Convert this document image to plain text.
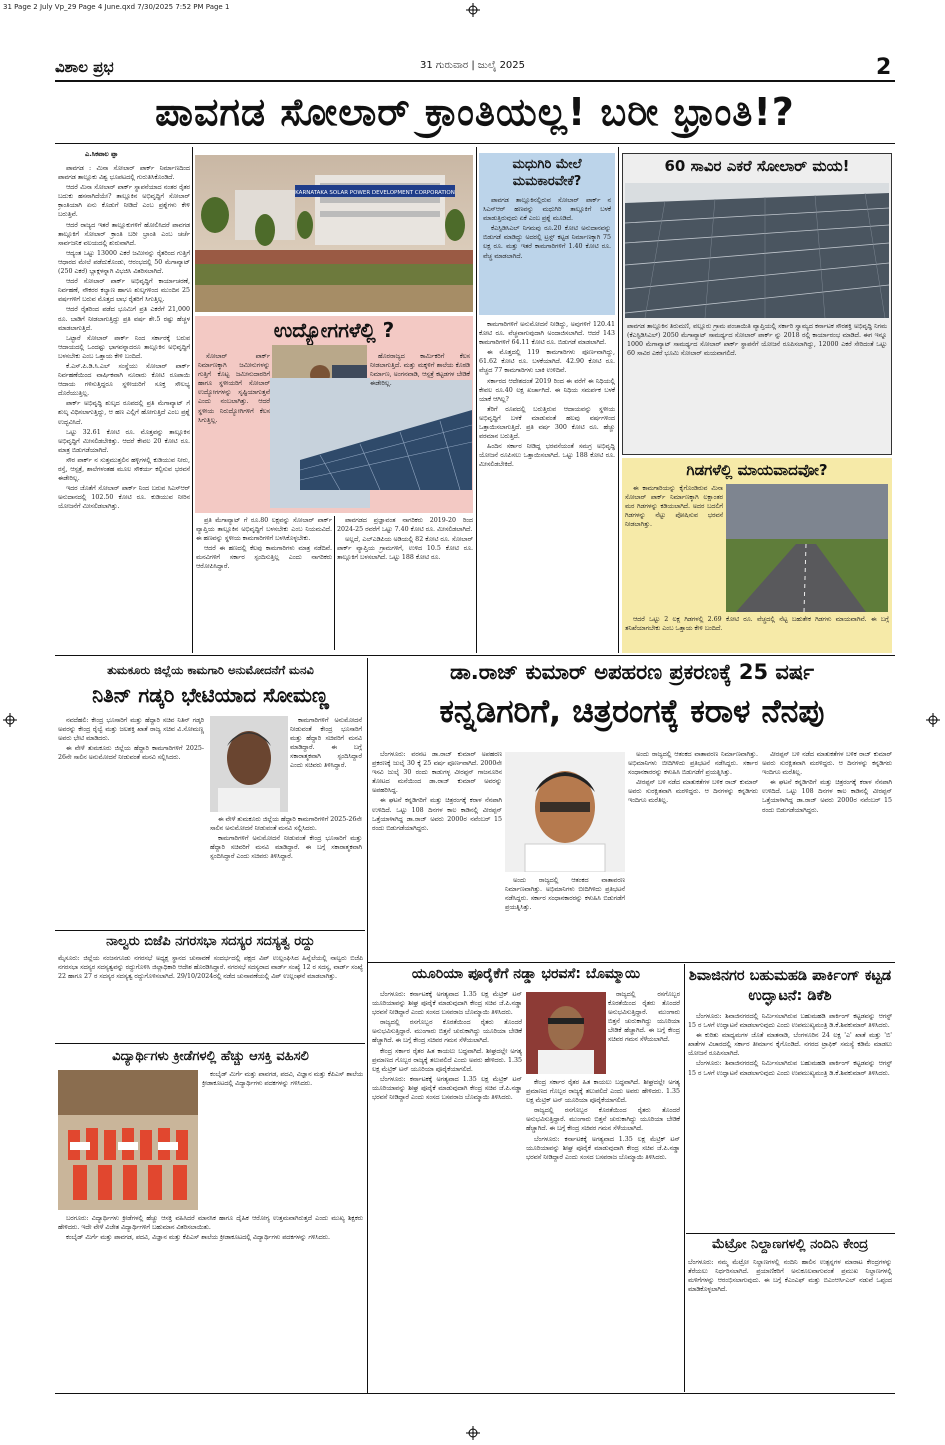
31 Page 2 July Vp_29 Page 4 June.qxd 7/30/2025 7:52 PM Page 1
ವಿಶಾಲ ಪ್ರಭ	31 ಗುರುವಾರ | ಜುಲೈ 2025	2
ಪಾವಗಡ ಸೋಲಾರ್ ಕ್ರಾಂತಿಯಲ್ಲ! ಬರೀ ಭ್ರಾಂತಿ!?
ಎ.ಸಿಕವಾಲ ಪ್ಪಾ

ಪಾವಗಡ : ಮಿನಾ ಸೋಲಾರ್ ಪಾರ್ಕ್ ನಿರ್ಮಾಣದಿಂದ ಪಾವಗಡ ತಾಲ್ಲೂಕು ವಿಶ್ವ ಭೂಪಟದಲ್ಲಿ ಗುರುತಿಸಿಕೊಂಡಿದೆ.

ಆದರೆ ಮಿನಾ ಸೋಲಾರ್ ಪಾರ್ಕ್ ಸ್ಥಾಪನೆಯಾದ ನಂತರ ರೈತರ ಬದುಕು ಹಸನಾಗಿದೆಯೇ? ತಾಲ್ಲೂಕಿನ ಅಭಿವೃದ್ಧಿಗೆ ಸೋಲಾರ್ ಕ್ರಾಂತಿಯಾಗಿ ಏನು ಕೊಡುಗೆ ನೀಡಿದೆ ಎಂಬ ಪ್ರಶ್ನೆಗಳು ಕೇಳಿ ಬರುತ್ತಿವೆ.

ಆದರೆ ರಾಜ್ಯದ ಇತರೆ ತಾಲ್ಲೂಕುಗಳಿಗೆ ಹೋಲಿಸಿದರೆ ಪಾವಗಡ ತಾಲ್ಲೂಕಿಗೆ ಸೋಲಾರ್ ಕ್ರಾಂತಿ ಬರೀ ಭ್ರಾಂತಿ ಎಂಬ ಚರ್ಚೆ ಸಾರ್ವಜನಿಕ ವಲಯದಲ್ಲಿ ಶುರುವಾಗಿದೆ.

ಆದ್ಯಂತ ಒಟ್ಟು 13000 ಎಕರೆ ಜಮೀನನ್ನು ರೈತರಿಂದ ಗುತ್ತಿಗೆ ಆಧಾರದ ಮೇಲೆ ಪಡೆದುಕೊಂಡು, ಆರಂಭದಲ್ಲಿ 50 ಮೆಗಾವ್ಯಾಟ್ (250 ಎಕರೆ) ಬ್ಲಾಕ್ಗಳನ್ನಾಗಿ ವಿಭಜಿಸಿ ವಿತರಿಸಲಾಗಿದೆ.

ಆದರೆ ಸೋಲಾರ್ ಪಾರ್ಕ್ ಅಭಿವೃದ್ಧಿಗೆ ಕಾರ್ಯಾಚರಣೆ, ನಿರ್ವಹಣೆ, ನೌಕರರ ಕಲ್ಯಾಣ ಹಾಗೂ ಶುಲ್ಕಗಳಿಂದ ಮುಂದಿನ 25 ವರ್ಷಗಳಿಗೆ ಬರುವ ಮೊತ್ತದ ಲಾಭ ರೈತರಿಗೆ ಸಿಗುತ್ತಿಲ್ಲ.

ಆದರೆ ರೈತರಿಂದ ಪಡೆದ ಭೂಮಿಗೆ ಪ್ರತಿ ಎಕರೆಗೆ 21,000 ರೂ. ಬಾಡಿಗೆ ನೀಡಲಾಗುತ್ತಿದ್ದು ಪ್ರತಿ ವರ್ಷ ಶೇ.5 ರಷ್ಟು ಹೆಚ್ಚಳ ಮಾಡಲಾಗುತ್ತಿದೆ.

ಒಟ್ಟಾರೆ ಸೋಲಾರ್ ಪಾರ್ಕ್ ನಿಂದ ಸರ್ಕಾರಕ್ಕೆ ಬರುವ ಆದಾಯದಲ್ಲಿ ಒಂದಷ್ಟು ಭಾಗವನ್ನಾದರೂ ತಾಲ್ಲೂಕಿನ ಅಭಿವೃದ್ಧಿಗೆ ಬಳಸಬೇಕು ಎಂಬ ಒತ್ತಾಯ ಕೇಳಿ ಬಂದಿದೆ.

ಕೆ.ಎಸ್.ಪಿ.ಡಿ.ಸಿ.ಎಲ್ ಸಂಸ್ಥೆಯು ಸೋಲಾರ್ ಪಾರ್ಕ್ ನಿರ್ವಹಣೆಯಿಂದ ವಾರ್ಷಿಕವಾಗಿ ನೂರಾರು ಕೋಟಿ ರೂಪಾಯಿ ಆದಾಯ ಗಳಿಸುತ್ತಿದ್ದರೂ ಸ್ಥಳೀಯರಿಗೆ ಸೂಕ್ತ ಸೌಲಭ್ಯ ದೊರೆಯುತ್ತಿಲ್ಲ.

ಪಾರ್ಕ್ ಅಭಿವೃದ್ಧಿ ಶುಲ್ಕದ ರೂಪದಲ್ಲಿ ಪ್ರತಿ ಮೆಗಾವ್ಯಾಟ್ ಗೆ ಶುಲ್ಕ ವಿಧಿಸಲಾಗುತ್ತಿದ್ದು, ಆ ಹಣ ಎಲ್ಲಿಗೆ ಹೋಗುತ್ತಿದೆ ಎಂಬ ಪ್ರಶ್ನೆ ಉದ್ಭವಿಸಿದೆ.

ಒಟ್ಟು 32.61 ಕೋಟಿ ರೂ. ಮೊತ್ತವನ್ನು ತಾಲ್ಲೂಕಿನ ಅಭಿವೃದ್ಧಿಗೆ ಮೀಸಲಿಡಬೇಕಿತ್ತು. ಆದರೆ ಕೇವಲ 20 ಕೋಟಿ ರೂ. ಮಾತ್ರ ಬಿಡುಗಡೆಯಾಗಿದೆ.

ಸೌರ ಪಾರ್ಕ್ ನ ಸುತ್ತಮುತ್ತಲಿನ ಹಳ್ಳಿಗಳಲ್ಲಿ ಕುಡಿಯುವ ನೀರು, ರಸ್ತೆ, ಆಸ್ಪತ್ರೆ, ಶಾಲೆಗಳಂತಹ ಮೂಲ ಸೌಕರ್ಯ ಕಲ್ಪಿಸುವ ಭರವಸೆ ಈಡೇರಿಲ್ಲ.

ಇದರ ಜೊತೆಗೆ ಸೋಲಾರ್ ಪಾರ್ಕ್ ನಿಂದ ಬರುವ ಸಿಎಸ್ಆರ್ ಅನುದಾನದಲ್ಲಿ 102.50 ಕೋಟಿ ರೂ. ಕುಡಿಯುವ ನೀರಿನ ಯೋಜನೆಗೆ ಮೀಸಲಿಡಲಾಗಿತ್ತು.

KARNATAKA SOLAR POWER DEVELOPMENT CORPORATION
ಉದ್ಯೋಗಗಳೆಲ್ಲಿ ?

ಸೋಲಾರ್ ಪಾರ್ಕ್ ನಿರ್ಮಾಣಕ್ಕಾಗಿ ಜಮೀನುಗಳನ್ನು ಗುತ್ತಿಗೆ ಕೊಟ್ಟ ಜಮೀನುದಾರರಿಗೆ ಹಾಗೂ ಸ್ಥಳೀಯರಿಗೆ ಸೋಲಾರ್ ಉದ್ಯೋಗಗಳನ್ನು ಸೃಷ್ಟಿಯಾಗುತ್ತವೆ ಎಂದು ನಂಬಲಾಗಿತ್ತು. ಆದರೆ ಸ್ಥಳೀಯ ನಿರುದ್ಯೋಗಿಗಳಿಗೆ ಕೆಲಸ ಸಿಗುತ್ತಿಲ್ಲ.

ಹೊರರಾಜ್ಯದ ಕಾರ್ಮಿಕರಿಗೆ ಕೆಲಸ ನೀಡಲಾಗುತ್ತಿದೆ. ಮತ್ತು ಮಕ್ಕಳಿಗೆ ಶಾಲೆಯ ಕೊಠಡಿ ನಿರ್ಮಾಣ, ಅಂಗನವಾಡಿ, ಆಸ್ಪತ್ರೆ ಕಟ್ಟಡಗಳ ಬೇಡಿಕೆ ಈಡೇರಿಲ್ಲ.

ಪ್ರತಿ ಮೆಗಾವ್ಯಾಟ್ ಗೆ ರೂ.80 ಲಕ್ಷವನ್ನು ಸೋಲಾರ್ ಪಾರ್ಕ್ ವ್ಯಾಪ್ತಿಯ ತಾಲ್ಲೂಕಿನ ಅಭಿವೃದ್ಧಿಗೆ ಬಳಸಬೇಕು ಎಂಬ ನಿಯಮವಿದೆ. ಈ ಹಣವನ್ನು ಸ್ಥಳೀಯ ಕಾಮಗಾರಿಗಳಿಗೆ ಬಳಸಿಕೊಳ್ಳಬೇಕು.

ಆದರೆ ಈ ಹಣದಲ್ಲಿ ಕೆಲವು ಕಾಮಗಾರಿಗಳು ಮಾತ್ರ ನಡೆದಿವೆ. ಮನವಿಗಳಿಗೆ ಸರ್ಕಾರ ಸ್ಪಂದಿಸುತ್ತಿಲ್ಲ ಎಂದು ನಾಗರಿಕರು ಆರೋಪಿಸಿದ್ದಾರೆ.

ಪಾವಗಡದ ಪ್ರಜ್ಞಾವಂತ ನಾಗರಿಕರು 2019-20 ರಿಂದ 2024-25 ರವರೆಗೆ ಒಟ್ಟು 7.40 ಕೋಟಿ ರೂ. ಮೀಸಲಿಡಲಾಗಿದೆ.

ಅಲ್ಲದೆ, ಎಲ್ಎಡಿಪಿಯ ಅಡಿಯಲ್ಲಿ 82 ಕೋಟಿ ರೂ. ಸೋಲಾರ್ ಪಾರ್ಕ್ ವ್ಯಾಪ್ತಿಯ ಗ್ರಾಮಗಳಿಗೆ, ಉಳಿದ 10.5 ಕೋಟಿ ರೂ. ತಾಲ್ಲೂಕಿಗೆ ಬಳಸಲಾಗಿದೆ. ಒಟ್ಟು 188 ಕೋಟಿ ರೂ.

ಮಧುಗಿರಿ ಮೇಲೆ ಮಮಕಾರವೇಕೆ?

ಪಾವಗಡ ತಾಲ್ಲೂಕಿನಲ್ಲಿರುವ ಸೋಲಾರ್ ಪಾರ್ಕ್ ನ ಸಿಎಸ್ಆರ್ ಹಣವನ್ನು ಮಧುಗಿರಿ ತಾಲ್ಲೂಕಿಗೆ ಬಳಕೆ ಮಾಡುತ್ತಿರುವುದು ಏಕೆ ಎಂಬ ಪ್ರಶ್ನೆ ಮೂಡಿದೆ.

ಕೆಎಸ್ಪಿಡಿಸಿಎಲ್ ನಿಗಮವು ರೂ.20 ಕೋಟಿ ಅನುದಾನವನ್ನು ಬಿಡುಗಡೆ ಮಾಡಿದ್ದು ಅದರಲ್ಲಿ ಟ್ರಸ್ಟ್ ಕಟ್ಟಡ ನಿರ್ಮಾಣಕ್ಕಾಗಿ 75 ಲಕ್ಷ ರೂ. ಮತ್ತು ಇತರೆ ಕಾಮಗಾರಿಗಳಿಗೆ 1.40 ಕೋಟಿ ರೂ. ವೆಚ್ಚ ಮಾಡಲಾಗಿದೆ.

ಕಾಮಗಾರಿಗಳಿಗೆ ಅನುಮೋದನೆ ನೀಡಿದ್ದು, ಅವುಗಳಿಗೆ 120.41 ಕೋಟಿ ರೂ. ವೆಚ್ಚವಾಗುವುದಾಗಿ ಅಂದಾಜಿಸಲಾಗಿದೆ. ಆದರೆ 143 ಕಾಮಗಾರಿಗಳಿಗೆ 64.11 ಕೋಟಿ ರೂ. ಬಿಡುಗಡೆ ಮಾಡಲಾಗಿದೆ.

ಈ ಮೊತ್ತದಲ್ಲಿ 119 ಕಾಮಗಾರಿಗಳು ಪೂರ್ಣವಾಗಿದ್ದು, 61.62 ಕೋಟಿ ರೂ. ಬಳಕೆಯಾಗಿದೆ. 42.90 ಕೋಟಿ ರೂ. ವೆಚ್ಚದ 77 ಕಾಮಗಾರಿಗಳು ಬಾಕಿ ಉಳಿದಿವೆ.

ಸರ್ಕಾರದ ಆದೇಶದಂತೆ 2019 ರಿಂದ ಈ ವರೆಗೆ ಈ ನಿಧಿಯಲ್ಲಿ ಕೇವಲ ರೂ.40 ಲಕ್ಷ ಖರ್ಚಾಗಿದೆ. ಈ ನಿಧಿಯ ಸಮರ್ಪಕ ಬಳಕೆ ಯಾಕೆ ಆಗಿಲ್ಲ?

ತೆರಿಗೆ ರೂಪದಲ್ಲಿ ಬರುತ್ತಿರುವ ಆದಾಯವನ್ನು ಸ್ಥಳೀಯ ಅಭಿವೃದ್ಧಿಗೆ ಬಳಕೆ ಮಾಡುವಂತೆ ಹಲವು ವರ್ಷಗಳಿಂದ ಒತ್ತಾಯಿಸಲಾಗುತ್ತಿದೆ. ಪ್ರತಿ ವರ್ಷ 300 ಕೋಟಿ ರೂ. ಹೆಚ್ಚು ವರಮಾನ ಬರುತ್ತಿದೆ.

ಹಿಂದಿನ ಸರ್ಕಾರ ನೀಡಿದ್ದ ಭರವಸೆಯಂತೆ ಸಮಗ್ರ ಅಭಿವೃದ್ಧಿ ಯೋಜನೆ ರೂಪಿಸಲು ಒತ್ತಾಯಿಸಲಾಗಿದೆ. ಒಟ್ಟು 188 ಕೋಟಿ ರೂ. ಮೀಸಲಿಡಬೇಕಿದೆ.

60 ಸಾವಿರ ಎಕರೆ ಸೋಲಾರ್ ಮಯ!
ಪಾವಗಡ ತಾಲ್ಲೂಕಿನ ತಿರುಮಣಿ, ವಲ್ಲೂರು ಗ್ರಾಮ ಪಂಚಾಯಿತಿ ವ್ಯಾಪ್ತಿಯಲ್ಲಿ ಸರ್ಕಾರಿ ಸ್ವಾಮ್ಯದ ಕರ್ನಾಟಕ ಸೌರಶಕ್ತಿ ಅಭಿವೃದ್ಧಿ ನಿಗಮ (ಕೆಎಸ್ಪಿಡಿಸಿಎಲ್) 2050 ಮೆಗಾವ್ಯಾಟ್ ಸಾಮರ್ಥ್ಯದ ಸೋಲಾರ್ ಪಾರ್ಕ್ ನ್ನು 2018 ರಲ್ಲಿ ಕಾರ್ಯಾರಂಭ ಮಾಡಿದೆ. ಈಗ ಇನ್ನೂ 1000 ಮೆಗಾವ್ಯಾಟ್ ಸಾಮರ್ಥ್ಯದ ಸೋಲಾರ್ ಪಾರ್ಕ್ ಸ್ಥಾಪನೆಗೆ ಯೋಜನೆ ರೂಪಿಸಲಾಗಿದ್ದು, 12000 ಎಕರೆ ಸೇರಿದಂತೆ ಒಟ್ಟು 60 ಸಾವಿರ ಎಕರೆ ಭೂಮಿ ಸೋಲಾರ್ ಮಯವಾಗಲಿದೆ.
ಗಿಡಗಳೆಲ್ಲಿ ಮಾಯವಾದವೋ?

ಈ ಕಾಮಗಾರಿಯನ್ನು ಕೈಗೊಂಡಿರುವ ಮಿನಾ ಸೋಲಾರ್ ಪಾರ್ಕ್ ನಿರ್ಮಾಣಕ್ಕಾಗಿ ಲಕ್ಷಾಂತರ ಮರ ಗಿಡಗಳನ್ನು ಕಡಿಯಲಾಗಿದೆ. ಅದರ ಬದಲಿಗೆ ಗಿಡಗಳನ್ನು ನೆಟ್ಟು ಪೋಷಿಸುವ ಭರವಸೆ ನೀಡಲಾಗಿತ್ತು.

ಆದರೆ ಒಟ್ಟು 2 ಲಕ್ಷ ಗಿಡಗಳಲ್ಲಿ 2.69 ಕೋಟಿ ರೂ. ವೆಚ್ಚದಲ್ಲಿ ನೆಟ್ಟ ಬಹುತೇಕ ಗಿಡಗಳು ಮಾಯವಾಗಿವೆ. ಈ ಬಗ್ಗೆ ತನಿಖೆಯಾಗಬೇಕು ಎಂಬ ಒತ್ತಾಯ ಕೇಳಿ ಬಂದಿದೆ.

ತುಮಕೂರು ಜಿಲ್ಲೆಯ ಕಾಮಗಾರಿ ಅನುಮೋದನೆಗೆ ಮನವಿ
ನಿತಿನ್ ಗಡ್ಕರಿ ಭೇಟಿಯಾದ ಸೋಮಣ್ಣ

ನವದೆಹಲಿ: ಕೇಂದ್ರ ಭೂಸಾರಿಗೆ ಮತ್ತು ಹೆದ್ದಾರಿ ಸಚಿವ ನಿತಿನ್ ಗಡ್ಕರಿ ಅವರನ್ನು ಕೇಂದ್ರ ರೈಲ್ವೆ ಮತ್ತು ಜಲಶಕ್ತಿ ಖಾತೆ ರಾಜ್ಯ ಸಚಿವ ವಿ.ಸೋಮಣ್ಣ ಅವರು ಭೇಟಿ ಮಾಡಿದರು.

ಈ ವೇಳೆ ತುಮಕೂರು ಜಿಲ್ಲೆಯ ಹೆದ್ದಾರಿ ಕಾಮಗಾರಿಗಳಿಗೆ 2025-26ನೇ ಸಾಲಿನ ಅನುಮೋದನೆ ನೀಡುವಂತೆ ಮನವಿ ಸಲ್ಲಿಸಿದರು.

ಕಾಮಗಾರಿಗಳಿಗೆ ಅನುಮೋದನೆ ನೀಡುವಂತೆ ಕೇಂದ್ರ ಭೂಸಾರಿಗೆ ಮತ್ತು ಹೆದ್ದಾರಿ ಸಚಿವರಿಗೆ ಮನವಿ ಮಾಡಿದ್ದಾರೆ. ಈ ಬಗ್ಗೆ ಸಕಾರಾತ್ಮಕವಾಗಿ ಸ್ಪಂದಿಸಿದ್ದಾರೆ ಎಂದು ಸಚಿವರು ತಿಳಿಸಿದ್ದಾರೆ.

ಈ ವೇಳೆ ತುಮಕೂರು ಜಿಲ್ಲೆಯ ಹೆದ್ದಾರಿ ಕಾಮಗಾರಿಗಳಿಗೆ 2025-26ನೇ ಸಾಲಿನ ಅನುಮೋದನೆ ನೀಡುವಂತೆ ಮನವಿ ಸಲ್ಲಿಸಿದರು.

ಕಾಮಗಾರಿಗಳಿಗೆ ಅನುಮೋದನೆ ನೀಡುವಂತೆ ಕೇಂದ್ರ ಭೂಸಾರಿಗೆ ಮತ್ತು ಹೆದ್ದಾರಿ ಸಚಿವರಿಗೆ ಮನವಿ ಮಾಡಿದ್ದಾರೆ. ಈ ಬಗ್ಗೆ ಸಕಾರಾತ್ಮಕವಾಗಿ ಸ್ಪಂದಿಸಿದ್ದಾರೆ ಎಂದು ಸಚಿವರು ತಿಳಿಸಿದ್ದಾರೆ.

ನಾಲ್ವರು ಬಿಜೆಪಿ ನಗರಸಭಾ ಸದಸ್ಯರ ಸದಸ್ಯತ್ವ ರದ್ದು
ಮೈಸೂರು: ಜಿಲ್ಲೆಯ ನಂಜನಗೂಡು ನಗರಸಭೆ ಅಧ್ಯಕ್ಷ ಸ್ಥಾನದ ಚುನಾವಣೆ ಸಂದರ್ಭದಲ್ಲಿ ಪಕ್ಷದ ವಿಪ್ ಉಲ್ಲಂಘಿಸಿದ ಹಿನ್ನೆಲೆಯಲ್ಲಿ ನಾಲ್ವರು ಬಿಜೆಪಿ ನಗರಸಭಾ ಸದಸ್ಯರ ಸದಸ್ಯತ್ವವನ್ನು ರದ್ದುಗೊಳಿಸಿ ಜಿಲ್ಲಾಧಿಕಾರಿ ಆದೇಶ ಹೊರಡಿಸಿದ್ದಾರೆ. ನಗರಸಭೆ ಸದಸ್ಯರಾದ ವಾರ್ಡ್ ಸಂಖ್ಯೆ 12 ರ ಸದಸ್ಯ, ವಾರ್ಡ್ ಸಂಖ್ಯೆ 22 ಹಾಗೂ 27 ರ ಸದಸ್ಯರ ಸದಸ್ಯತ್ವ ರದ್ದುಗೊಳಿಸಲಾಗಿದೆ. 29/10/2024ರಲ್ಲಿ ನಡೆದ ಚುನಾವಣೆಯಲ್ಲಿ ವಿಪ್ ಉಲ್ಲಂಘನೆ ಮಾಡಲಾಗಿತ್ತು.
ವಿದ್ಯಾರ್ಥಿಗಳು ಕ್ರೀಡೆಗಳಲ್ಲಿ ಹೆಚ್ಚು ಆಸಕ್ತಿ ವಹಿಸಲಿ

ಕಂಬೈಡ್ ಮಿರ್ಗೆ ಮತ್ತು ಪಾವಗಡ, ಪದವಿ, ವಿಜ್ಞಾನ ಮತ್ತು ಕೆಪಿಎಸ್ ಶಾಲೆಯ ಕ್ರೀಡಾಕೂಟದಲ್ಲಿ ವಿದ್ಯಾರ್ಥಿಗಳು ಪದಕಗಳನ್ನು ಗಳಿಸಿದರು.

ಬರಗೂರು: ವಿದ್ಯಾರ್ಥಿಗಳು ಕ್ರೀಡೆಗಳಲ್ಲಿ ಹೆಚ್ಚು ಆಸಕ್ತಿ ವಹಿಸಿದರೆ ಮಾನಸಿಕ ಹಾಗೂ ದೈಹಿಕ ಆರೋಗ್ಯ ಉತ್ತಮವಾಗಿರುತ್ತದೆ ಎಂದು ಮುಖ್ಯ ಶಿಕ್ಷಕರು ಹೇಳಿದರು. ಇದೇ ವೇಳೆ ವಿಜೇತ ವಿದ್ಯಾರ್ಥಿಗಳಿಗೆ ಬಹುಮಾನ ವಿತರಿಸಲಾಯಿತು.

ಕಂಬೈಡ್ ಮಿರ್ಗೆ ಮತ್ತು ಪಾವಗಡ, ಪದವಿ, ವಿಜ್ಞಾನ ಮತ್ತು ಕೆಪಿಎಸ್ ಶಾಲೆಯ ಕ್ರೀಡಾಕೂಟದಲ್ಲಿ ವಿದ್ಯಾರ್ಥಿಗಳು ಪದಕಗಳನ್ನು ಗಳಿಸಿದರು.

ಡಾ.ರಾಜ್ ಕುಮಾರ್ ಅಪಹರಣ ಪ್ರಕರಣಕ್ಕೆ 25 ವರ್ಷ
ಕನ್ನಡಿಗರಿಗೆ, ಚಿತ್ರರಂಗಕ್ಕೆ ಕರಾಳ ನೆನಪು

ಬೆಂಗಳೂರು: ವರನಟ ಡಾ.ರಾಜ್ ಕುಮಾರ್ ಅಪಹರಣ ಪ್ರಕರಣಕ್ಕೆ ಜುಲೈ 30 ಕ್ಕೆ 25 ವರ್ಷ ಪೂರ್ಣವಾಗಿದೆ. 2000ನೇ ಇಸವಿ ಜುಲೈ 30 ರಂದು ಕಾಡುಗಳ್ಳ ವೀರಪ್ಪನ್ ಗಾಜನೂರಿನ ತೋಟದ ಮನೆಯಿಂದ ಡಾ.ರಾಜ್ ಕುಮಾರ್ ಅವರನ್ನು ಅಪಹರಿಸಿದ್ದ.

ಈ ಘಟನೆ ಕನ್ನಡಿಗರಿಗೆ ಮತ್ತು ಚಿತ್ರರಂಗಕ್ಕೆ ಕರಾಳ ನೆನಪಾಗಿ ಉಳಿದಿದೆ. ಒಟ್ಟು 108 ದಿನಗಳ ಕಾಲ ಕಾಡಿನಲ್ಲಿ ವೀರಪ್ಪನ್ ಒತ್ತೆಯಾಳಾಗಿದ್ದ ಡಾ.ರಾಜ್ ಅವರು 2000ರ ನವೆಂಬರ್ 15 ರಂದು ಬಿಡುಗಡೆಯಾಗಿದ್ದರು.

ಅಂದು ರಾಜ್ಯದಲ್ಲಿ ಆತಂಕದ ವಾತಾವರಣ ನಿರ್ಮಾಣವಾಗಿತ್ತು. ಅಭಿಮಾನಿಗಳು ಬೀದಿಗಿಳಿದು ಪ್ರತಿಭಟನೆ ನಡೆಸಿದ್ದರು. ಸರ್ಕಾರ ಸಂಧಾನಕಾರರನ್ನು ಕಳುಹಿಸಿ ಬಿಡುಗಡೆಗೆ ಪ್ರಯತ್ನಿಸಿತ್ತು.

ಅಂದು ರಾಜ್ಯದಲ್ಲಿ ಆತಂಕದ ವಾತಾವರಣ ನಿರ್ಮಾಣವಾಗಿತ್ತು. ಅಭಿಮಾನಿಗಳು ಬೀದಿಗಿಳಿದು ಪ್ರತಿಭಟನೆ ನಡೆಸಿದ್ದರು. ಸರ್ಕಾರ ಸಂಧಾನಕಾರರನ್ನು ಕಳುಹಿಸಿ ಬಿಡುಗಡೆಗೆ ಪ್ರಯತ್ನಿಸಿತ್ತು.

ವೀರಪ್ಪನ್ ಬಳಿ ನಡೆದ ಮಾತುಕತೆಗಳ ಬಳಿಕ ರಾಜ್ ಕುಮಾರ್ ಅವರು ಸುರಕ್ಷಿತವಾಗಿ ಮರಳಿದ್ದರು. ಆ ದಿನಗಳನ್ನು ಕನ್ನಡಿಗರು ಇಂದಿಗೂ ಮರೆತಿಲ್ಲ.

ವೀರಪ್ಪನ್ ಬಳಿ ನಡೆದ ಮಾತುಕತೆಗಳ ಬಳಿಕ ರಾಜ್ ಕುಮಾರ್ ಅವರು ಸುರಕ್ಷಿತವಾಗಿ ಮರಳಿದ್ದರು. ಆ ದಿನಗಳನ್ನು ಕನ್ನಡಿಗರು ಇಂದಿಗೂ ಮರೆತಿಲ್ಲ.

ಈ ಘಟನೆ ಕನ್ನಡಿಗರಿಗೆ ಮತ್ತು ಚಿತ್ರರಂಗಕ್ಕೆ ಕರಾಳ ನೆನಪಾಗಿ ಉಳಿದಿದೆ. ಒಟ್ಟು 108 ದಿನಗಳ ಕಾಲ ಕಾಡಿನಲ್ಲಿ ವೀರಪ್ಪನ್ ಒತ್ತೆಯಾಳಾಗಿದ್ದ ಡಾ.ರಾಜ್ ಅವರು 2000ರ ನವೆಂಬರ್ 15 ರಂದು ಬಿಡುಗಡೆಯಾಗಿದ್ದರು.

ಯೂರಿಯಾ ಪೂರೈಕೆಗೆ ನಡ್ಡಾ ಭರವಸೆ: ಬೊಮ್ಮಾಯಿ

ಬೆಂಗಳೂರು: ಕರ್ನಾಟಕಕ್ಕೆ ಅಗತ್ಯವಾದ 1.35 ಲಕ್ಷ ಮೆಟ್ರಿಕ್ ಟನ್ ಯೂರಿಯಾವನ್ನು ಶೀಘ್ರ ಪೂರೈಕೆ ಮಾಡುವುದಾಗಿ ಕೇಂದ್ರ ಸಚಿವ ಜೆ.ಪಿ.ನಡ್ಡಾ ಭರವಸೆ ನೀಡಿದ್ದಾರೆ ಎಂದು ಸಂಸದ ಬಸವರಾಜ ಬೊಮ್ಮಾಯಿ ತಿಳಿಸಿದರು.

ರಾಜ್ಯದಲ್ಲಿ ರಸಗೊಬ್ಬರ ಕೊರತೆಯಿಂದ ರೈತರು ತೊಂದರೆ ಅನುಭವಿಸುತ್ತಿದ್ದಾರೆ. ಮುಂಗಾರು ಬಿತ್ತನೆ ಚುರುಕಾಗಿದ್ದು ಯೂರಿಯಾ ಬೇಡಿಕೆ ಹೆಚ್ಚಾಗಿದೆ. ಈ ಬಗ್ಗೆ ಕೇಂದ್ರ ಸಚಿವರ ಗಮನ ಸೆಳೆಯಲಾಗಿದೆ.

ಕೇಂದ್ರ ಸರ್ಕಾರ ರೈತರ ಹಿತ ಕಾಯಲು ಬದ್ಧವಾಗಿದೆ. ಶೀಘ್ರದಲ್ಲೇ ಅಗತ್ಯ ಪ್ರಮಾಣದ ಗೊಬ್ಬರ ರಾಜ್ಯಕ್ಕೆ ತಲುಪಲಿದೆ ಎಂದು ಅವರು ಹೇಳಿದರು. 1.35 ಲಕ್ಷ ಮೆಟ್ರಿಕ್ ಟನ್ ಯೂರಿಯಾ ಪೂರೈಕೆಯಾಗಲಿದೆ.

ಬೆಂಗಳೂರು: ಕರ್ನಾಟಕಕ್ಕೆ ಅಗತ್ಯವಾದ 1.35 ಲಕ್ಷ ಮೆಟ್ರಿಕ್ ಟನ್ ಯೂರಿಯಾವನ್ನು ಶೀಘ್ರ ಪೂರೈಕೆ ಮಾಡುವುದಾಗಿ ಕೇಂದ್ರ ಸಚಿವ ಜೆ.ಪಿ.ನಡ್ಡಾ ಭರವಸೆ ನೀಡಿದ್ದಾರೆ ಎಂದು ಸಂಸದ ಬಸವರಾಜ ಬೊಮ್ಮಾಯಿ ತಿಳಿಸಿದರು.

ರಾಜ್ಯದಲ್ಲಿ ರಸಗೊಬ್ಬರ ಕೊರತೆಯಿಂದ ರೈತರು ತೊಂದರೆ ಅನುಭವಿಸುತ್ತಿದ್ದಾರೆ. ಮುಂಗಾರು ಬಿತ್ತನೆ ಚುರುಕಾಗಿದ್ದು ಯೂರಿಯಾ ಬೇಡಿಕೆ ಹೆಚ್ಚಾಗಿದೆ. ಈ ಬಗ್ಗೆ ಕೇಂದ್ರ ಸಚಿವರ ಗಮನ ಸೆಳೆಯಲಾಗಿದೆ.

ಕೇಂದ್ರ ಸರ್ಕಾರ ರೈತರ ಹಿತ ಕಾಯಲು ಬದ್ಧವಾಗಿದೆ. ಶೀಘ್ರದಲ್ಲೇ ಅಗತ್ಯ ಪ್ರಮಾಣದ ಗೊಬ್ಬರ ರಾಜ್ಯಕ್ಕೆ ತಲುಪಲಿದೆ ಎಂದು ಅವರು ಹೇಳಿದರು. 1.35 ಲಕ್ಷ ಮೆಟ್ರಿಕ್ ಟನ್ ಯೂರಿಯಾ ಪೂರೈಕೆಯಾಗಲಿದೆ.

ರಾಜ್ಯದಲ್ಲಿ ರಸಗೊಬ್ಬರ ಕೊರತೆಯಿಂದ ರೈತರು ತೊಂದರೆ ಅನುಭವಿಸುತ್ತಿದ್ದಾರೆ. ಮುಂಗಾರು ಬಿತ್ತನೆ ಚುರುಕಾಗಿದ್ದು ಯೂರಿಯಾ ಬೇಡಿಕೆ ಹೆಚ್ಚಾಗಿದೆ. ಈ ಬಗ್ಗೆ ಕೇಂದ್ರ ಸಚಿವರ ಗಮನ ಸೆಳೆಯಲಾಗಿದೆ.

ಬೆಂಗಳೂರು: ಕರ್ನಾಟಕಕ್ಕೆ ಅಗತ್ಯವಾದ 1.35 ಲಕ್ಷ ಮೆಟ್ರಿಕ್ ಟನ್ ಯೂರಿಯಾವನ್ನು ಶೀಘ್ರ ಪೂರೈಕೆ ಮಾಡುವುದಾಗಿ ಕೇಂದ್ರ ಸಚಿವ ಜೆ.ಪಿ.ನಡ್ಡಾ ಭರವಸೆ ನೀಡಿದ್ದಾರೆ ಎಂದು ಸಂಸದ ಬಸವರಾಜ ಬೊಮ್ಮಾಯಿ ತಿಳಿಸಿದರು.

ಶಿವಾಜಿನಗರ ಬಹುಮಹಡಿ ಪಾರ್ಕಿಂಗ್ ಕಟ್ಟಡ ಉದ್ಘಾಟನೆ: ಡಿಕೆಶಿ

ಬೆಂಗಳೂರು: ಶಿವಾಜಿನಗರದಲ್ಲಿ ನಿರ್ಮಿಸಲಾಗಿರುವ ಬಹುಮಹಡಿ ಪಾರ್ಕಿಂಗ್ ಕಟ್ಟಡವನ್ನು ಆಗಸ್ಟ್ 15 ರ ಒಳಗೆ ಉದ್ಘಾಟನೆ ಮಾಡಲಾಗುವುದು ಎಂದು ಉಪಮುಖ್ಯಮಂತ್ರಿ ಡಿ.ಕೆ.ಶಿವಕುಮಾರ್ ತಿಳಿಸಿದರು.

ಈ ಕುರಿತು ಮಾಧ್ಯಮಗಳ ಜೊತೆ ಮಾತನಾಡಿ, ಬೆಂಗಳೂರಿನ 24 ಲಕ್ಷ 'ಎ' ಖಾತೆ ಮತ್ತು 'ಬಿ' ಖಾತೆಗಳ ವಿಚಾರದಲ್ಲಿ ಸರ್ಕಾರ ತೀರ್ಮಾನ ಕೈಗೊಂಡಿದೆ. ನಗರದ ಟ್ರಾಫಿಕ್ ಸಮಸ್ಯೆ ಕಡಿಮೆ ಮಾಡಲು ಯೋಜನೆ ರೂಪಿಸಲಾಗಿದೆ.

ಬೆಂಗಳೂರು: ಶಿವಾಜಿನಗರದಲ್ಲಿ ನಿರ್ಮಿಸಲಾಗಿರುವ ಬಹುಮಹಡಿ ಪಾರ್ಕಿಂಗ್ ಕಟ್ಟಡವನ್ನು ಆಗಸ್ಟ್ 15 ರ ಒಳಗೆ ಉದ್ಘಾಟನೆ ಮಾಡಲಾಗುವುದು ಎಂದು ಉಪಮುಖ್ಯಮಂತ್ರಿ ಡಿ.ಕೆ.ಶಿವಕುಮಾರ್ ತಿಳಿಸಿದರು.

ಮೆಟ್ರೋ ನಿಲ್ದಾಣಗಳಲ್ಲಿ ನಂದಿನಿ ಕೇಂದ್ರ
ಬೆಂಗಳೂರು: ನಮ್ಮ ಮೆಟ್ರೋ ನಿಲ್ದಾಣಗಳಲ್ಲಿ ನಂದಿನಿ ಹಾಲಿನ ಉತ್ಪನ್ನಗಳ ಮಾರಾಟ ಕೇಂದ್ರಗಳನ್ನು ತೆರೆಯಲು ನಿರ್ಧರಿಸಲಾಗಿದೆ. ಪ್ರಯಾಣಿಕರಿಗೆ ಅನುಕೂಲವಾಗುವಂತೆ ಪ್ರಮುಖ ನಿಲ್ದಾಣಗಳಲ್ಲಿ ಮಳಿಗೆಗಳನ್ನು ಆರಂಭಿಸಲಾಗುವುದು. ಈ ಬಗ್ಗೆ ಕೆಎಂಎಫ್ ಮತ್ತು ಬಿಎಂಆರ್ಸಿಎಲ್ ನಡುವೆ ಒಪ್ಪಂದ ಮಾಡಿಕೊಳ್ಳಲಾಗಿದೆ.
